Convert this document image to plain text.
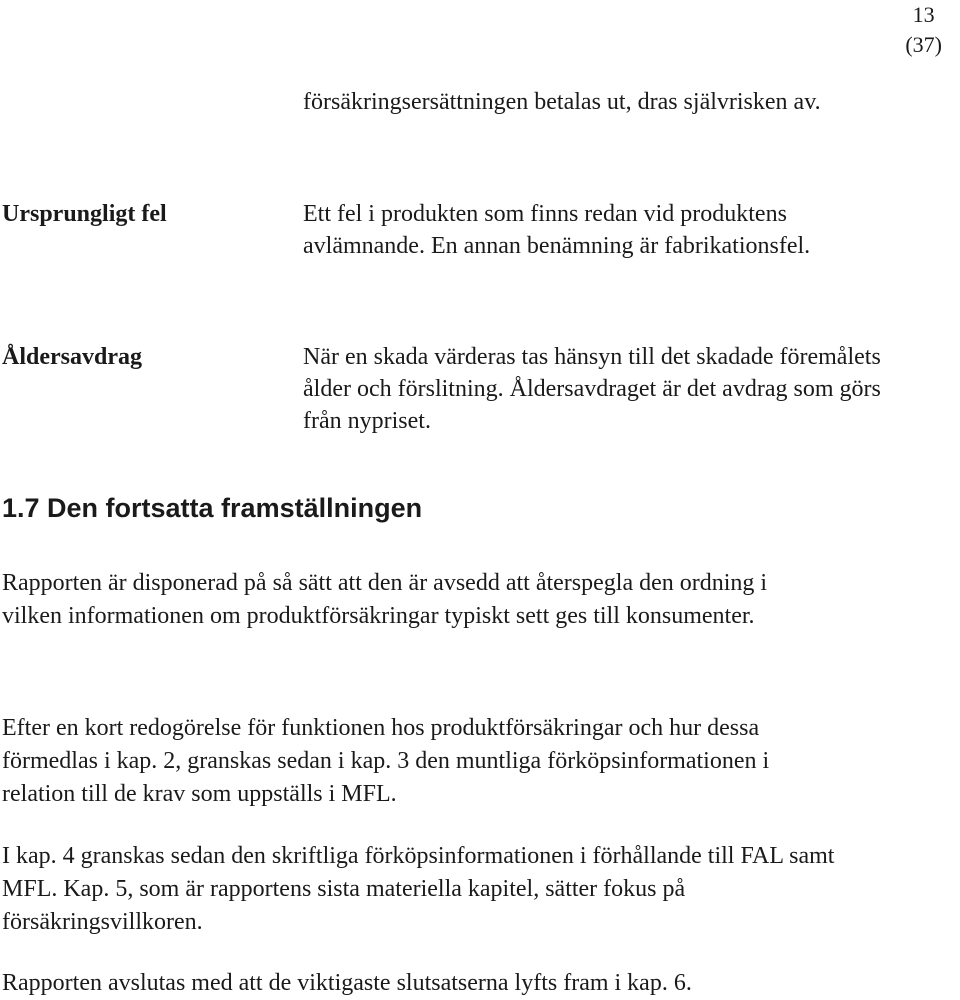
13
(37)

försäkringsersättningen betalas ut, dras självrisken av.

Ursprungligt fel	Ett fel i produkten som finns redan vid produktens avlämnande. En annan benämning är fabrikationsfel.

Åldersavdrag	När en skada värderas tas hänsyn till det skadade föremålets ålder och förslitning. Åldersavdraget är det avdrag som görs från nypriset.

1.7 Den fortsatta framställningen

Rapporten är disponerad på så sätt att den är avsedd att återspegla den ordning i vilken informationen om produktförsäkringar typiskt sett ges till konsumenter.

Efter en kort redogörelse för funktionen hos produktförsäkringar och hur dessa förmedlas i kap. 2, granskas sedan i kap. 3 den muntliga förköpsinformationen i relation till de krav som uppställs i MFL.

I kap. 4 granskas sedan den skriftliga förköpsinformationen i förhållande till FAL samt MFL. Kap. 5, som är rapportens sista materiella kapitel, sätter fokus på försäkringsvillkoren.

Rapporten avslutas med att de viktigaste slutsatserna lyfts fram i kap. 6.
